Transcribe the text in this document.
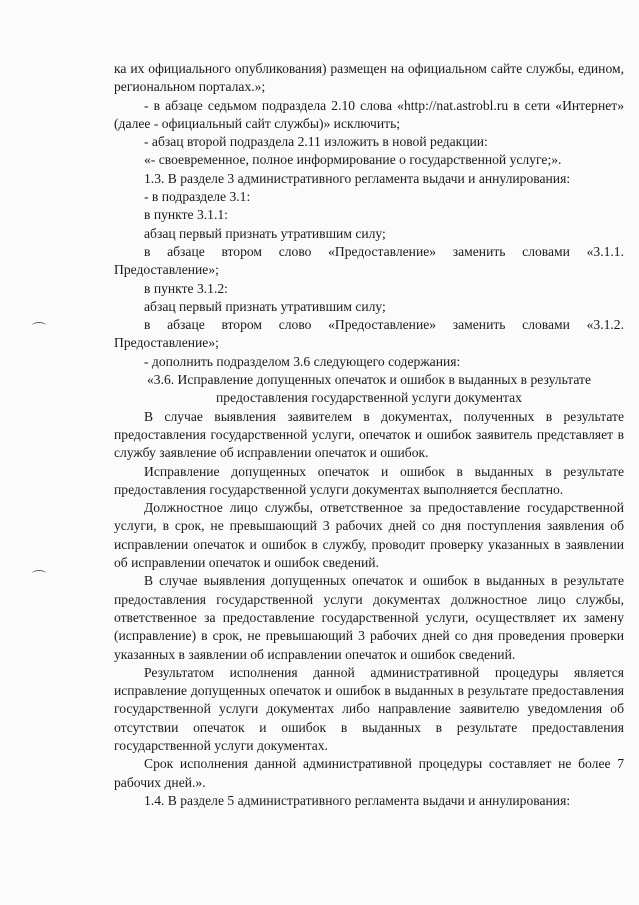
ка их официального опубликования) размещен на официальном сайте службы, едином, региональном порталах.»;

- в абзаце седьмом подраздела 2.10 слова «http://nat.astrobl.ru в сети «Интернет» (далее - официальный сайт службы)» исключить;

- абзац второй подраздела 2.11 изложить в новой редакции:

«- своевременное, полное информирование о государственной услуге;».

1.3. В разделе 3 административного регламента выдачи и аннулирования:

- в подразделе 3.1:

в пункте 3.1.1:

абзац первый признать утратившим силу;

в абзаце втором слово «Предоставление» заменить словами «3.1.1. Предоставление»;

в пункте 3.1.2:

абзац первый признать утратившим силу;

в абзаце втором слово «Предоставление» заменить словами «3.1.2. Предоставление»;

- дополнить подразделом 3.6 следующего содержания:

«3.6. Исправление допущенных опечаток и ошибок в выданных в результате предоставления государственной услуги документах

В случае выявления заявителем в документах, полученных в результате предоставления государственной услуги, опечаток и ошибок заявитель представляет в службу заявление об исправлении опечаток и ошибок.

Исправление допущенных опечаток и ошибок в выданных в результате предоставления государственной услуги документах выполняется бесплатно.

Должностное лицо службы, ответственное за предоставление государственной услуги, в срок, не превышающий 3 рабочих дней со дня поступления заявления об исправлении опечаток и ошибок в службу, проводит проверку указанных в заявлении об исправлении опечаток и ошибок сведений.

В случае выявления допущенных опечаток и ошибок в выданных в результате предоставления государственной услуги документах должностное лицо службы, ответственное за предоставление государственной услуги, осуществляет их замену (исправление) в срок, не превышающий 3 рабочих дней со дня проведения проверки указанных в заявлении об исправлении опечаток и ошибок сведений.

Результатом исполнения данной административной процедуры является исправление допущенных опечаток и ошибок в выданных в результате предоставления государственной услуги документах либо направление заявителю уведомления об отсутствии опечаток и ошибок в выданных в результате предоставления государственной услуги документах.

Срок исполнения данной административной процедуры составляет не более 7 рабочих дней.».

1.4. В разделе 5 административного регламента выдачи и аннулирования:
